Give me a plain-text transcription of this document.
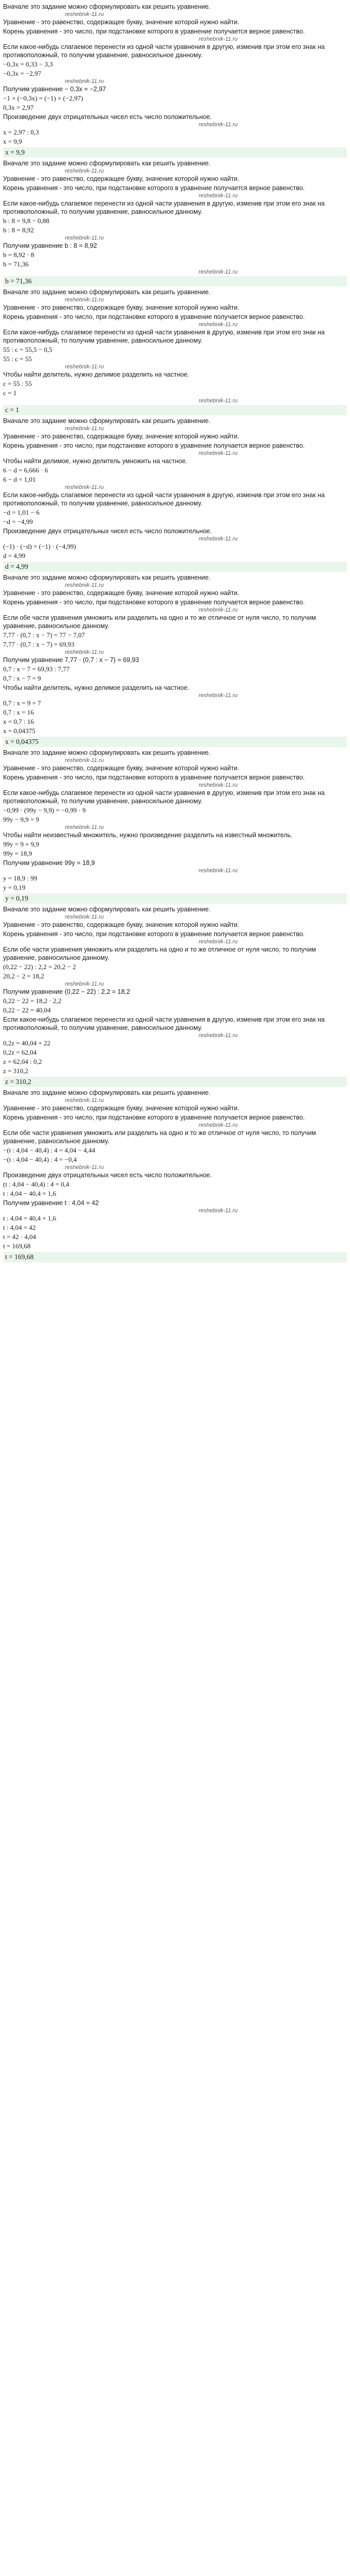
Вначале это задание можно сформулировать как решить уравнение.

reshebnik-11.ru

Уравнение - это равенство, содержащее букву, значение которой нужно найти.

Корень уравнения - это число, при подстановке которого в уравнение получается верное равенство.

reshebnik-11.ru

Если какое-нибудь слагаемое перенести из одной части уравнения в другую, изменив при этом его знак на противоположный, то получим уравнение, равносильное данному.

−0,3x = 0,33 − 3,3

−0,3x = −2,97

reshebnik-11.ru

Получим уравнение − 0,3x = −2,97

−1 × (−0,3x) = (−1) × (−2,97)

0,3x = 2,97

Произведение двух отрицательных чисел есть число положительное.

reshebnik-11.ru

x = 2,97 : 0,3

x = 9,9

x = 9,9

Вначале это задание можно сформулировать как решить уравнение.

reshebnik-11.ru

Уравнение - это равенство, содержащее букву, значение которой нужно найти.

Корень уравнения - это число, при подстановке которого в уравнение получается верное равенство.

reshebnik-11.ru

Если какое-нибудь слагаемое перенести из одной части уравнения в другую, изменив при этом его знак на противоположный, то получим уравнение, равносильное данному.

b : 8 = 9,8 − 0,88

b : 8 = 8,92

reshebnik-11.ru

Получим уравнение b : 8 = 8,92

b = 8,92 · 8

b = 71,36

reshebnik-11.ru

b = 71,36

Вначале это задание можно сформулировать как решить уравнение.

reshebnik-11.ru

Уравнение - это равенство, содержащее букву, значение которой нужно найти.

Корень уравнения - это число, при подстановке которого в уравнение получается верное равенство.

reshebnik-11.ru

Если какое-нибудь слагаемое перенести из одной части уравнения в другую, изменив при этом его знак на противоположный, то получим уравнение, равносильное данному.

55 : c = 55,5 − 0,5

55 : c = 55

reshebnik-11.ru

Чтобы найти делитель, нужно делимое разделить на частное.

c = 55 : 55

c = 1

reshebnik-11.ru

c = 1

Вначале это задание можно сформулировать как решить уравнение.

reshebnik-11.ru

Уравнение - это равенство, содержащее букву, значение которой нужно найти.

Корень уравнения - это число, при подстановке которого в уравнение получается верное равенство.

reshebnik-11.ru

Чтобы найти делимое, нужно делитель умножить на частное.

6 − d = 6,666 · 6

6 − d = 1,01

reshebnik-11.ru

Если какое-нибудь слагаемое перенести из одной части уравнения в другую, изменив при этом его знак на противоположный, то получим уравнение, равносильное данному.

−d = 1,01 − 6

−d = −4,99

Произведение двух отрицательных чисел есть число положительное.

reshebnik-11.ru

(−1) · (−d) = (−1) · (−4,99)

d = 4,99

d = 4,99

Вначале это задание можно сформулировать как решить уравнение.

reshebnik-11.ru

Уравнение - это равенство, содержащее букву, значение которой нужно найти.

Корень уравнения - это число, при подстановке которого в уравнение получается верное равенство.

reshebnik-11.ru

Если обе части уравнения умножить или разделить на одно и то же отличное от нуля число, то получим уравнение, равносильное данному.

7,77 · (0,7 : x − 7) = 77 − 7,07

7,77 · (0,7 : x − 7) = 69,93

reshebnik-11.ru

Получим уравнение 7,77 · (0,7 : x − 7) = 69,93

0,7 : x − 7 = 69,93 : 7,77

0,7 : x − 7 = 9

Чтобы найти делитель, нужно делимое разделить на частное.

reshebnik-11.ru

0,7 : x = 9 + 7

0,7 : x = 16

x = 0,7 : 16

x = 0,04375

x = 0,04375

Вначале это задание можно сформулировать как решить уравнение.

reshebnik-11.ru

Уравнение - это равенство, содержащее букву, значение которой нужно найти.

Корень уравнения - это число, при подстановке которого в уравнение получается верное равенство.

reshebnik-11.ru

Если какое-нибудь слагаемое перенести из одной части уравнения в другую, изменив при этом его знак на противоположный, то получим уравнение, равносильное данному.

−0,99 · (99y − 9,9) = −0,99 · 9

99y − 9,9 = 9

reshebnik-11.ru

Чтобы найти неизвестный множитель, нужно произведение разделить на известный множитель.

99y = 9 + 9,9

99y = 18,9

Получим уравнение 99y = 18,9

reshebnik-11.ru

y = 18,9 : 99

y = 0,19

y = 0,19

Вначале это задание можно сформулировать как решить уравнение.

reshebnik-11.ru

Уравнение - это равенство, содержащее букву, значение которой нужно найти.

Корень уравнения - это число, при подстановке которого в уравнение получается верное равенство.

reshebnik-11.ru

Если обе части уравнения умножить или разделить на одно и то же отличное от нуля число, то получим уравнение, равносильное данному.

(0,22 − 22) : 2,2 = 20,2 − 2

20,2 − 2 = 18,2

reshebnik-11.ru

Получим уравнение (0,22 − 22) : 2,2 = 18,2

0,22 − 22 = 18,2 · 2,2

0,22 − 22 = 40,04

Если какое-нибудь слагаемое перенести из одной части уравнения в другую, изменив при этом его знак на противоположный, то получим уравнение, равносильное данному.

reshebnik-11.ru

0,2z = 40,04 + 22

0,2z = 62,04

z = 62,04 : 0,2

z = 310,2

z = 310,2

Вначале это задание можно сформулировать как решить уравнение.

reshebnik-11.ru

Уравнение - это равенство, содержащее букву, значение которой нужно найти.

Корень уравнения - это число, при подстановке которого в уравнение получается верное равенство.

reshebnik-11.ru

Если обе части уравнения умножить или разделить на одно и то же отличное от нуля число, то получим уравнение, равносильное данному.

−(t : 4,04 − 40,4) : 4 = 4,04 − 4,44

−(t : 4,04 − 40,4) : 4 = −0,4

reshebnik-11.ru

Произведение двух отрицательных чисел есть число положительное.

(t : 4,04 − 40,4) : 4 = 0,4

t : 4,04 − 40,4 = 1,6

Получим уравнение t : 4,04 = 42

reshebnik-11.ru

t : 4,04 = 40,4 + 1,6

t : 4,04 = 42

t = 42 · 4,04

t = 169,68

t = 169,68
